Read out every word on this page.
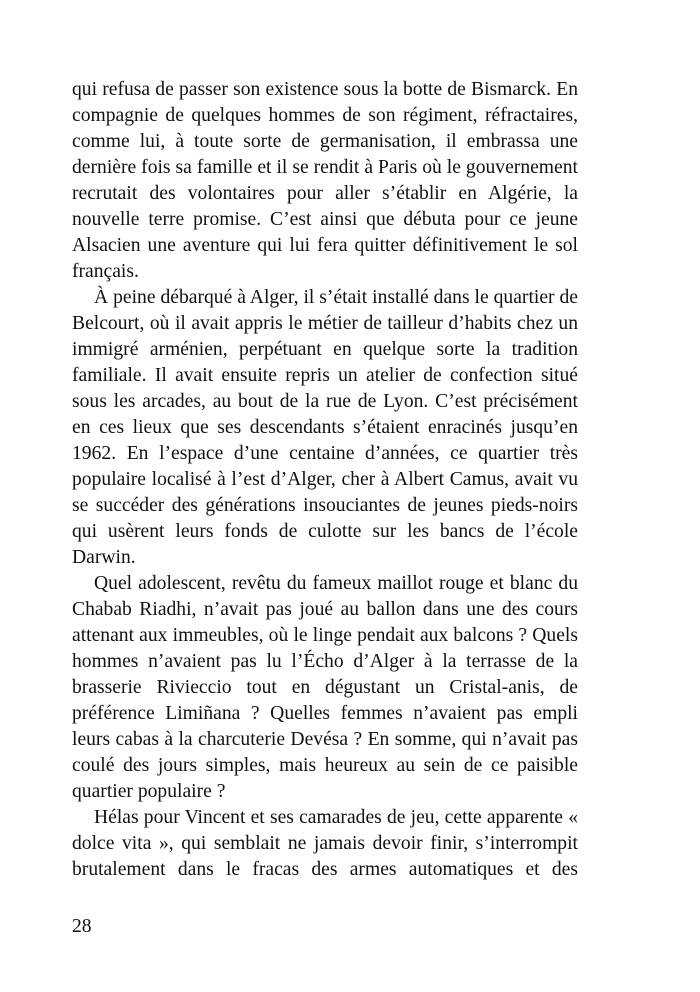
qui refusa de passer son existence sous la botte de Bismarck. En compagnie de quelques hommes de son régiment, réfractaires, comme lui, à toute sorte de germanisation, il embrassa une dernière fois sa famille et il se rendit à Paris où le gouvernement recrutait des volontaires pour aller s’établir en Algérie, la nouvelle terre promise. C’est ainsi que débuta pour ce jeune Alsacien une aventure qui lui fera quitter définitivement le sol français.

À peine débarqué à Alger, il s’était installé dans le quartier de Belcourt, où il avait appris le métier de tailleur d’habits chez un immigré arménien, perpétuant en quelque sorte la tradition familiale. Il avait ensuite repris un atelier de confection situé sous les arcades, au bout de la rue de Lyon. C’est précisément en ces lieux que ses descendants s’étaient enracinés jusqu’en 1962. En l’espace d’une centaine d’années, ce quartier très populaire localisé à l’est d’Alger, cher à Albert Camus, avait vu se succéder des générations insouciantes de jeunes pieds-noirs qui usèrent leurs fonds de culotte sur les bancs de l’école Darwin.

Quel adolescent, revêtu du fameux maillot rouge et blanc du Chabab Riadhi, n’avait pas joué au ballon dans une des cours attenant aux immeubles, où le linge pendait aux balcons ? Quels hommes n’avaient pas lu l’Écho d’Alger à la terrasse de la brasserie Rivieccio tout en dégustant un Cristal-anis, de préférence Limiñana ? Quelles femmes n’avaient pas empli leurs cabas à la charcuterie Devésa ? En somme, qui n’avait pas coulé des jours simples, mais heureux au sein de ce paisible quartier populaire ?

Hélas pour Vincent et ses camarades de jeu, cette apparente « dolce vita », qui semblait ne jamais devoir finir, s’interrompit brutalement dans le fracas des armes automatiques et des

28
